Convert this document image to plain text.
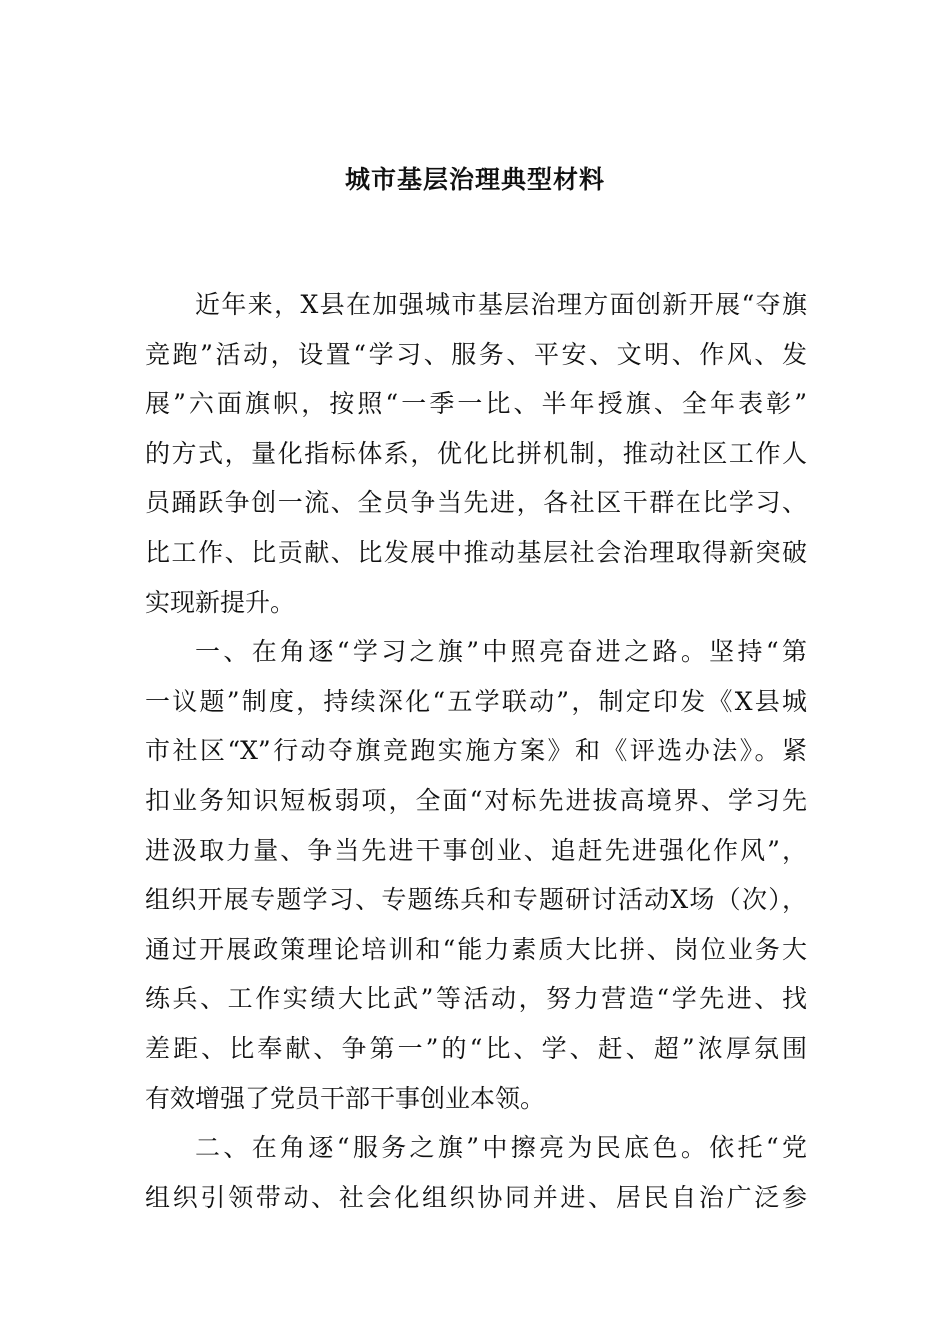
城市基层治理典型材料
近年来，X县在加强城市基层治理方面创新开展“夺旗
竞跑”活动，设置“学习、服务、平安、文明、作风、发
展”六面旗帜，按照“一季一比、半年授旗、全年表彰”
的方式，量化指标体系，优化比拼机制，推动社区工作人
员踊跃争创一流、全员争当先进，各社区干群在比学习、
比工作、比贡献、比发展中推动基层社会治理取得新突破
实现新提升。
一、在角逐“学习之旗”中照亮奋进之路。坚持“第
一议题”制度，持续深化“五学联动”，制定印发《X县城
市社区“X”行动夺旗竞跑实施方案》和《评选办法》。紧
扣业务知识短板弱项，全面“对标先进拔高境界、学习先
进汲取力量、争当先进干事创业、追赶先进强化作风”，
组织开展专题学习、专题练兵和专题研讨活动X场（次），
通过开展政策理论培训和“能力素质大比拼、岗位业务大
练兵、工作实绩大比武”等活动，努力营造“学先进、找
差距、比奉献、争第一”的“比、学、赶、超”浓厚氛围
有效增强了党员干部干事创业本领。
二、在角逐“服务之旗”中擦亮为民底色。依托“党
组织引领带动、社会化组织协同并进、居民自治广泛参
